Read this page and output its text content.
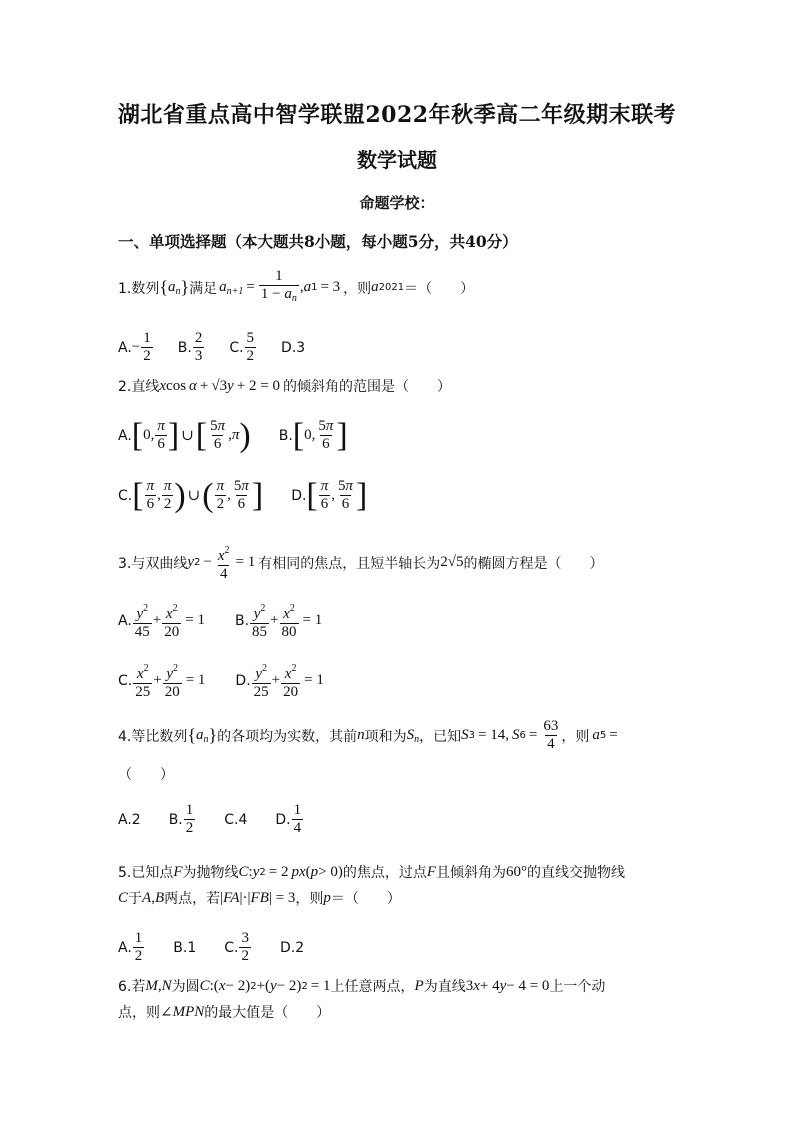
湖北省重点高中智学联盟2022年秋季高二年级期末联考
数学试题
命题学校：
一、单项选择题（本大题共8小题，每小题5分，共40分）
1.数列 { $a_n$ } 满足 $a_{n+1} = \frac{1}{1 - a_n}$ , a 1 = 3 ，则 a 2021 ＝（　　）
A. − $\frac{1}{2} B$. $\frac{2}{3} C$. $\frac{5}{2} D.3$
2.直线 x cos α + √3 y + 2 = 0 的倾斜角的范围是（　　）
A. [ 0, $\frac{\pi}{6}$ ] ∪ [ $\frac{5\pi}{6} ,\pi$ ) B. [ 0, $\frac{5\pi}{6}$ ]
C. [ $\frac{\pi}{6}$ , $\frac{\pi}{2}$ ) ∪ ( $\frac{\pi}{2}$ , $\frac{5\pi}{6}$ ] D. [ $\frac{\pi}{6}$ , $\frac{5\pi}{6}$ ]
3.与双曲线 y $2 - \frac{x^2}{4} = 1$ 有相同的焦点，且短半轴长为 2√5 的椭圆方程是（　　）
A. $\frac{y^2}{45} + \frac{x^2}{20} = 1$ B. $\frac{y^2}{85} + \frac{x^2}{80} = 1$
C. $\frac{x^2}{25} + \frac{y^2}{20} = 1$ D. $\frac{y^2}{25} + \frac{x^2}{20} = 1$
4.等比数列 { $a_n$ } 的各项均为实数，其前 n 项和为 $S_n$ ，已知 S 3 = 14, S $6 = \frac{63}{4}$ ，则 a 5 =
（　　）
A.2 B. $\frac{1}{2} C.4$ D. $\frac{1}{4}$
5.已知点 F 为抛物线 C : y 2 = 2 px ( p > 0) 的焦点，过点 F 且倾斜角为 60° 的直线交抛物线
C 于 A , B 两点，若 | FA |·| FB | = 3 ，则 p ＝（　　）
A. $\frac{1}{2} B.1$ C. $\frac{3}{2} D.2$
6.若 M , N 为圆 C :( x − 2) 2 +( y − 2) 2 = 1 上任意两点， P 为直线 3 x + 4 y − 4 = 0 上一个动
点，则 ∠ MPN 的最大值是（　　）
